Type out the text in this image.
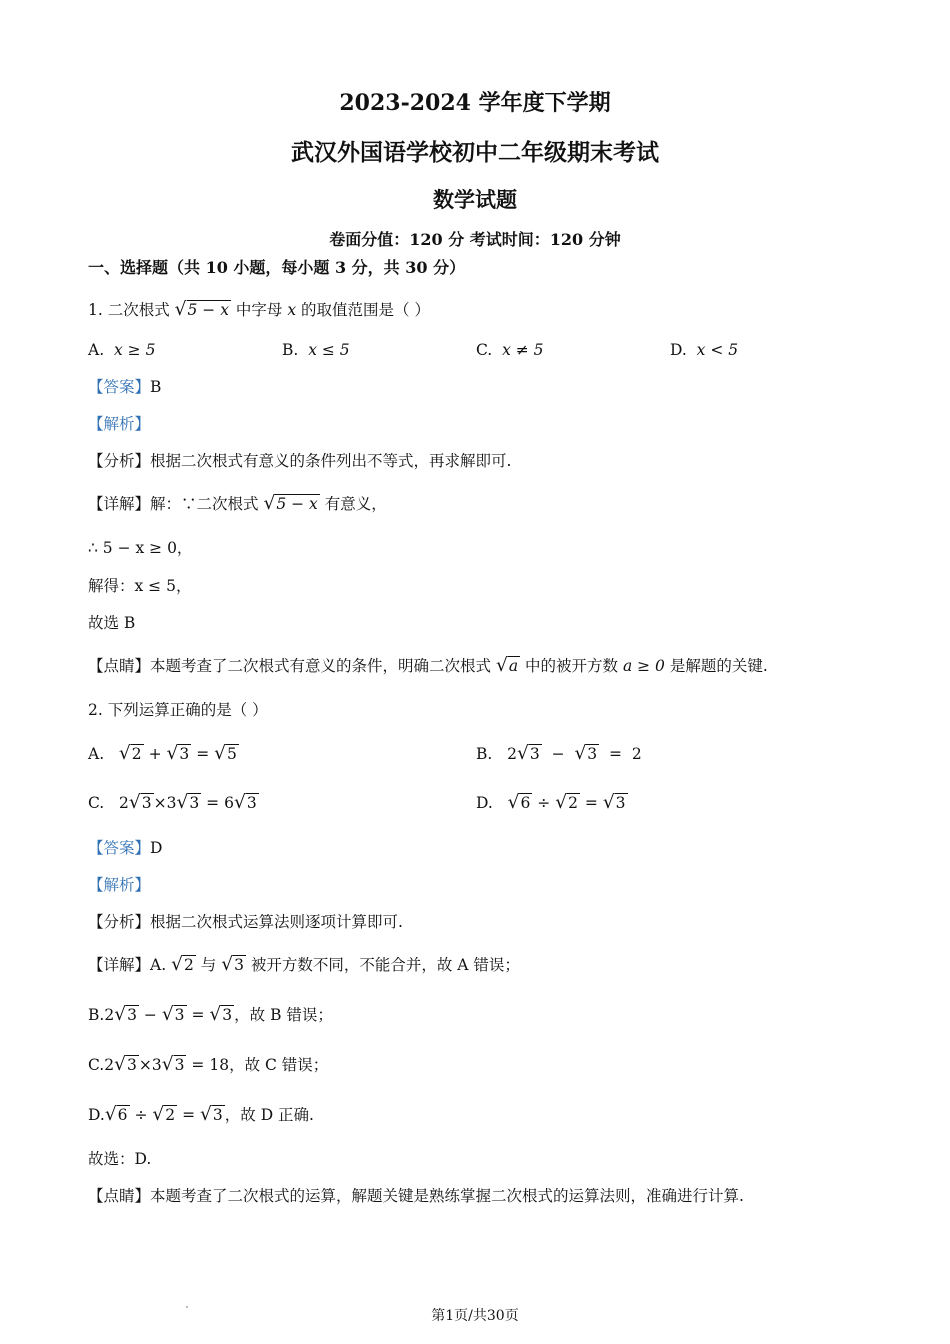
2023-2024 学年度下学期
武汉外国语学校初中二年级期末考试
数学试题
卷面分值：120 分 考试时间：120 分钟
一、选择题（共 10 小题，每小题 3 分，共 30 分）
1. 二次根式 √5 − x 中字母 x 的取值范围是（ ）
A. x ≥ 5	B. x ≤ 5	C. x ≠ 5	D. x < 5
【答案】B
【解析】
【分析】根据二次根式有意义的条件列出不等式，再求解即可.
【详解】解：∵二次根式 √5 − x 有意义，
∴ 5 − x ≥ 0，
解得：x ≤ 5，
故选 B
【点睛】本题考查了二次根式有意义的条件，明确二次根式 √a 中的被开方数 a ≥ 0 是解题的关键.
2. 下列运算正确的是（ ）
A. √2 + √3 = √5	B. 2√3 − √3 = 2
C. 2√3 ×3√3 = 6√3	D. √6 ÷ √2 = √3
【答案】D
【解析】
【分析】根据二次根式运算法则逐项计算即可.
【详解】A. √2 与 √3 被开方数不同，不能合并，故 A 错误；
B.2√3 − √3 = √3 ，故 B 错误；
C.2√3 ×3√3 = 18，故 C 错误；
D.√6 ÷ √2 = √3 ，故 D 正确.
故选：D.
【点睛】本题考查了二次根式的运算，解题关键是熟练掌握二次根式的运算法则，准确进行计算.
第1页/共30页
